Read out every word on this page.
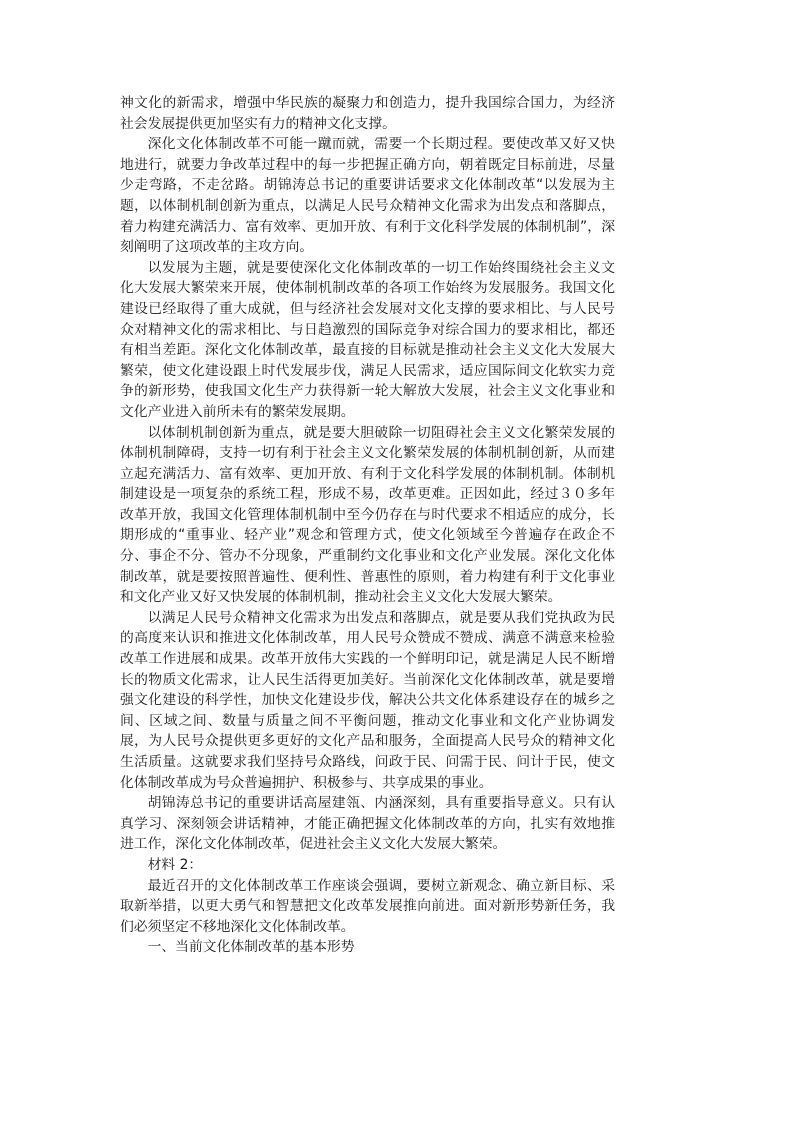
神文化的新需求，增强中华民族的凝聚力和创造力，提升我国综合国力，为经济社会发展提供更加坚实有力的精神文化支撑。

深化文化体制改革不可能一蹴而就，需要一个长期过程。要使改革又好又快地进行，就要力争改革过程中的每一步把握正确方向，朝着既定目标前进，尽量少走弯路，不走岔路。胡锦涛总书记的重要讲话要求文化体制改革“以发展为主题，以体制机制创新为重点，以满足人民号众精神文化需求为出发点和落脚点，着力构建充满活力、富有效率、更加开放、有利于文化科学发展的体制机制”，深刻阐明了这项改革的主攻方向。

以发展为主题，就是要使深化文化体制改革的一切工作始终围绕社会主义文化大发展大繁荣来开展，使体制机制改革的各项工作始终为发展服务。我国文化建设已经取得了重大成就，但与经济社会发展对文化支撑的要求相比、与人民号众对精神文化的需求相比、与日趋激烈的国际竞争对综合国力的要求相比，都还有相当差距。深化文化体制改革，最直接的目标就是推动社会主义文化大发展大繁荣，使文化建设跟上时代发展步伐，满足人民需求，适应国际间文化软实力竞争的新形势，使我国文化生产力获得新一轮大解放大发展，社会主义文化事业和文化产业进入前所未有的繁荣发展期。

以体制机制创新为重点，就是要大胆破除一切阻碍社会主义文化繁荣发展的体制机制障碍，支持一切有利于社会主义文化繁荣发展的体制机制创新，从而建立起充满活力、富有效率、更加开放、有利于文化科学发展的体制机制。体制机制建设是一项复杂的系统工程，形成不易，改革更难。正因如此，经过３０多年改革开放，我国文化管理体制机制中至今仍存在与时代要求不相适应的成分，长期形成的“重事业、轻产业”观念和管理方式，使文化领域至今普遍存在政企不分、事企不分、管办不分现象，严重制约文化事业和文化产业发展。深化文化体制改革，就是要按照普遍性、便利性、普惠性的原则，着力构建有利于文化事业和文化产业又好又快发展的体制机制，推动社会主义文化大发展大繁荣。

以满足人民号众精神文化需求为出发点和落脚点，就是要从我们党执政为民的高度来认识和推进文化体制改革，用人民号众赞成不赞成、满意不满意来检验改革工作进展和成果。改革开放伟大实践的一个鲜明印记，就是满足人民不断增长的物质文化需求，让人民生活得更加美好。当前深化文化体制改革，就是要增强文化建设的科学性，加快文化建设步伐，解决公共文化体系建设存在的城乡之间、区域之间、数量与质量之间不平衡问题，推动文化事业和文化产业协调发展，为人民号众提供更多更好的文化产品和服务，全面提高人民号众的精神文化生活质量。这就要求我们坚持号众路线，问政于民、问需于民、问计于民，使文化体制改革成为号众普遍拥护、积极参与、共享成果的事业。

胡锦涛总书记的重要讲话高屋建瓴、内涵深刻，具有重要指导意义。只有认真学习、深刻领会讲话精神，才能正确把握文化体制改革的方向，扎实有效地推进工作，深化文化体制改革，促进社会主义文化大发展大繁荣。

材料 2：

最近召开的文化体制改革工作座谈会强调，要树立新观念、确立新目标、采取新举措，以更大勇气和智慧把文化改革发展推向前进。面对新形势新任务，我们必须坚定不移地深化文化体制改革。

一、当前文化体制改革的基本形势
